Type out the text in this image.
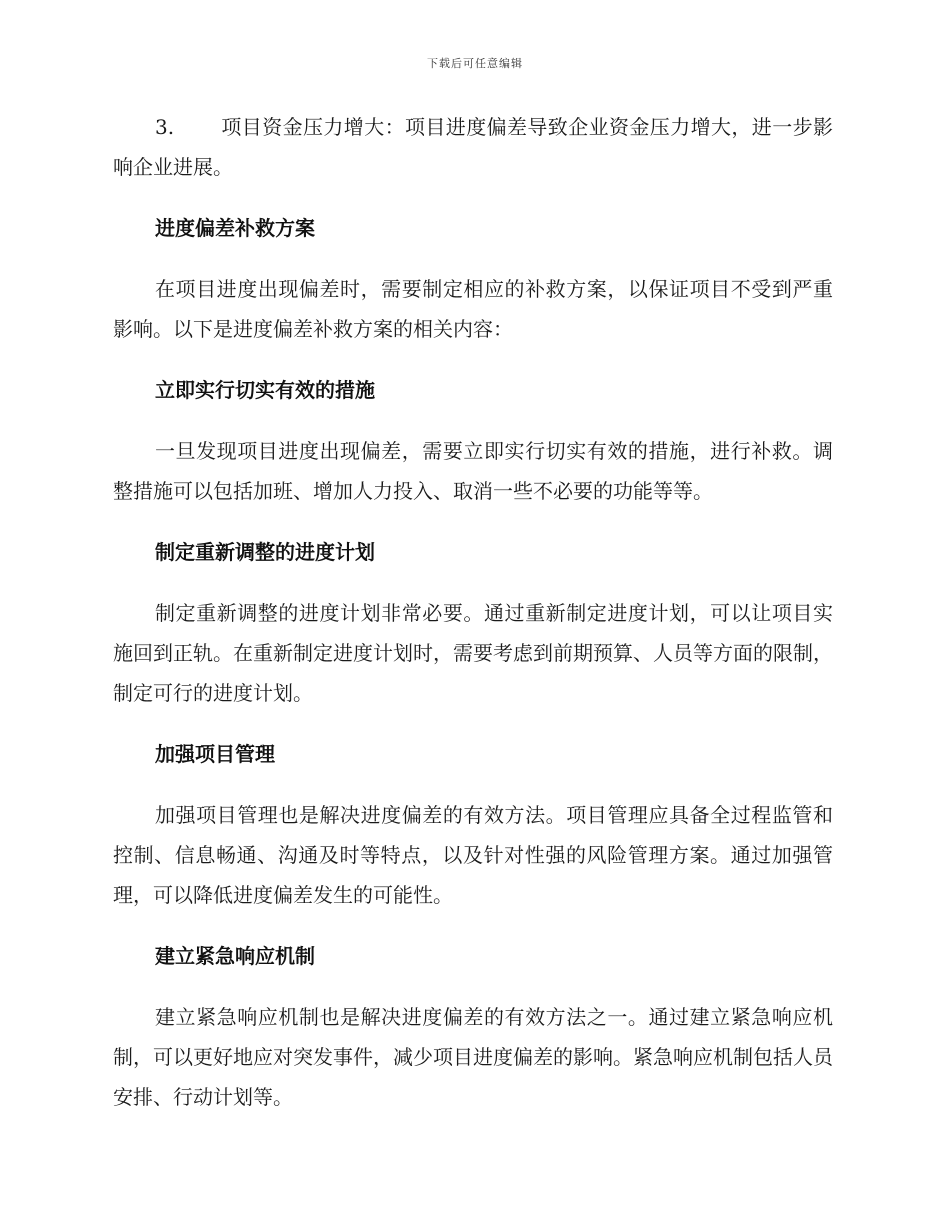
下载后可任意编辑

3. 项目资金压力增大：项目进度偏差导致企业资金压力增大，进一步影响企业进展。

进度偏差补救方案

在项目进度出现偏差时，需要制定相应的补救方案，以保证项目不受到严重影响。以下是进度偏差补救方案的相关内容：

立即实行切实有效的措施

一旦发现项目进度出现偏差，需要立即实行切实有效的措施，进行补救。调整措施可以包括加班、增加人力投入、取消一些不必要的功能等等。

制定重新调整的进度计划

制定重新调整的进度计划非常必要。通过重新制定进度计划，可以让项目实施回到正轨。在重新制定进度计划时，需要考虑到前期预算、人员等方面的限制，制定可行的进度计划。

加强项目管理

加强项目管理也是解决进度偏差的有效方法。项目管理应具备全过程监管和控制、信息畅通、沟通及时等特点，以及针对性强的风险管理方案。通过加强管理，可以降低进度偏差发生的可能性。

建立紧急响应机制

建立紧急响应机制也是解决进度偏差的有效方法之一。通过建立紧急响应机制，可以更好地应对突发事件，减少项目进度偏差的影响。紧急响应机制包括人员安排、行动计划等。
